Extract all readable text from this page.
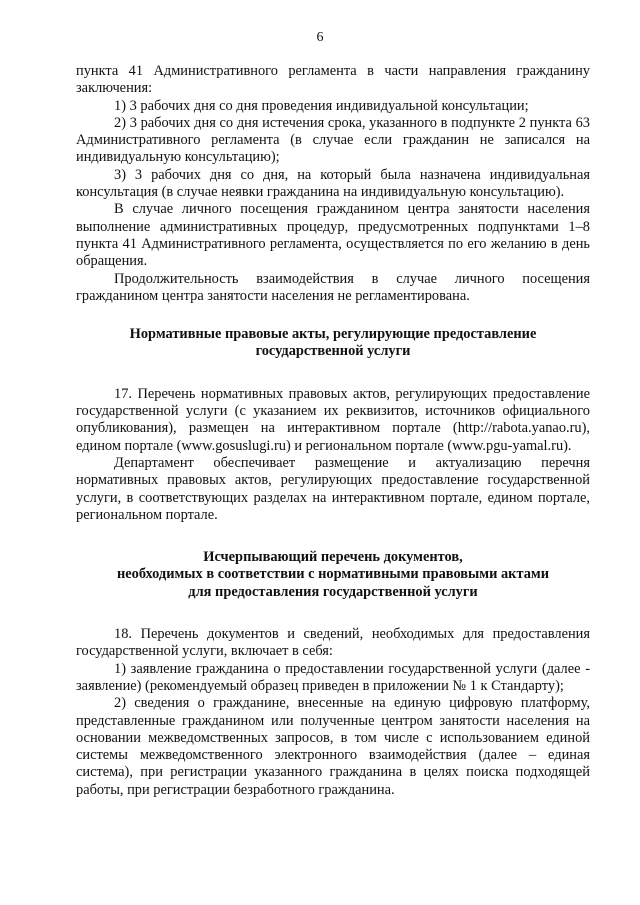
6

пункта 41 Административного регламента в части направления гражданину заключения:

1) 3 рабочих дня со дня проведения индивидуальной консультации;

2) 3 рабочих дня со дня истечения срока, указанного в подпункте 2 пункта 63 Административного регламента (в случае если гражданин не записался на индивидуальную консультацию);

3) 3 рабочих дня со дня, на который была назначена индивидуальная консультация (в случае неявки гражданина на индивидуальную консультацию).

В случае личного посещения гражданином центра занятости населения выполнение административных процедур, предусмотренных подпунктами 1–8 пункта 41 Административного регламента, осуществляется по его желанию в день обращения.

Продолжительность взаимодействия в случае личного посещения гражданином центра занятости населения не регламентирована.

Нормативные правовые акты, регулирующие предоставление
государственной услуги

17. Перечень нормативных правовых актов, регулирующих предоставление государственной услуги (с указанием их реквизитов, источников официального опубликования), размещен на интерактивном портале (http://rabota.yanao.ru), едином портале (www.gosuslugi.ru) и региональном портале (www.pgu-yamal.ru).

Департамент обеспечивает размещение и актуализацию перечня нормативных правовых актов, регулирующих предоставление государственной услуги, в соответствующих разделах на интерактивном портале, едином портале, региональном портале.

Исчерпывающий перечень документов,
необходимых в соответствии с нормативными правовыми актами
для предоставления государственной услуги

18. Перечень документов и сведений, необходимых для предоставления государственной услуги, включает в себя:

1) заявление гражданина о предоставлении государственной услуги (далее - заявление) (рекомендуемый образец приведен в приложении № 1 к Стандарту);

2) сведения о гражданине, внесенные на единую цифровую платформу, представленные гражданином или полученные центром занятости населения на основании межведомственных запросов, в том числе с использованием единой системы межведомственного электронного взаимодействия (далее – единая система), при регистрации указанного гражданина в целях поиска подходящей работы, при регистрации безработного гражданина.
